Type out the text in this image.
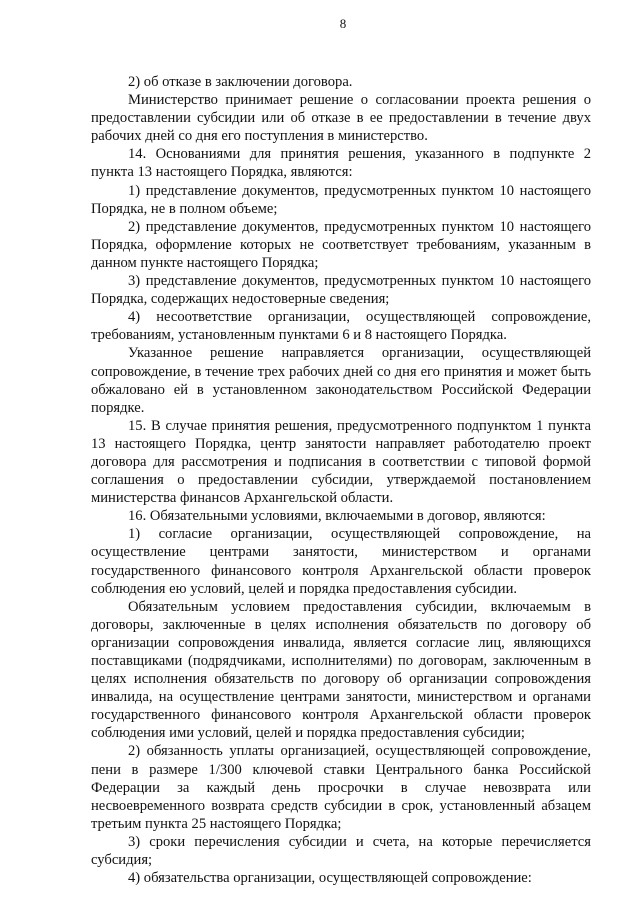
8

2) об отказе в заключении договора.

Министерство принимает решение о согласовании проекта решения о предоставлении субсидии или об отказе в ее предоставлении в течение двух рабочих дней со дня его поступления в министерство.

14. Основаниями для принятия решения, указанного в подпункте 2 пункта 13 настоящего Порядка, являются:

1) представление документов, предусмотренных пунктом 10 настоящего Порядка, не в полном объеме;

2) представление документов, предусмотренных пунктом 10 настоящего Порядка, оформление которых не соответствует требованиям, указанным в данном пункте настоящего Порядка;

3) представление документов, предусмотренных пунктом 10 настоящего Порядка, содержащих недостоверные сведения;

4) несоответствие организации, осуществляющей сопровождение, требованиям, установленным пунктами 6 и 8 настоящего Порядка.

Указанное решение направляется организации, осуществляющей сопровождение, в течение трех рабочих дней со дня его принятия и может быть обжаловано ей в установленном законодательством Российской Федерации порядке.

15. В случае принятия решения, предусмотренного подпунктом 1 пункта 13 настоящего Порядка, центр занятости направляет работодателю проект договора для рассмотрения и подписания в соответствии с типовой формой соглашения о предоставлении субсидии, утверждаемой постановлением министерства финансов Архангельской области.

16. Обязательными условиями, включаемыми в договор, являются:

1) согласие организации, осуществляющей сопровождение, на осуществление центрами занятости, министерством и органами государственного финансового контроля Архангельской области проверок соблюдения ею условий, целей и порядка предоставления субсидии.

Обязательным условием предоставления субсидии, включаемым в договоры, заключенные в целях исполнения обязательств по договору об организации сопровождения инвалида, является согласие лиц, являющихся поставщиками (подрядчиками, исполнителями) по договорам, заключенным в целях исполнения обязательств по договору об организации сопровождения инвалида, на осуществление центрами занятости, министерством и органами государственного финансового контроля Архангельской области проверок соблюдения ими условий, целей и порядка предоставления субсидии;

2) обязанность уплаты организацией, осуществляющей сопровождение, пени в размере 1/300 ключевой ставки Центрального банка Российской Федерации за каждый день просрочки в случае невозврата или несвоевременного возврата средств субсидии в срок, установленный абзацем третьим пункта 25 настоящего Порядка;

3) сроки перечисления субсидии и счета, на которые перечисляется субсидия;

4) обязательства организации, осуществляющей сопровождение:
